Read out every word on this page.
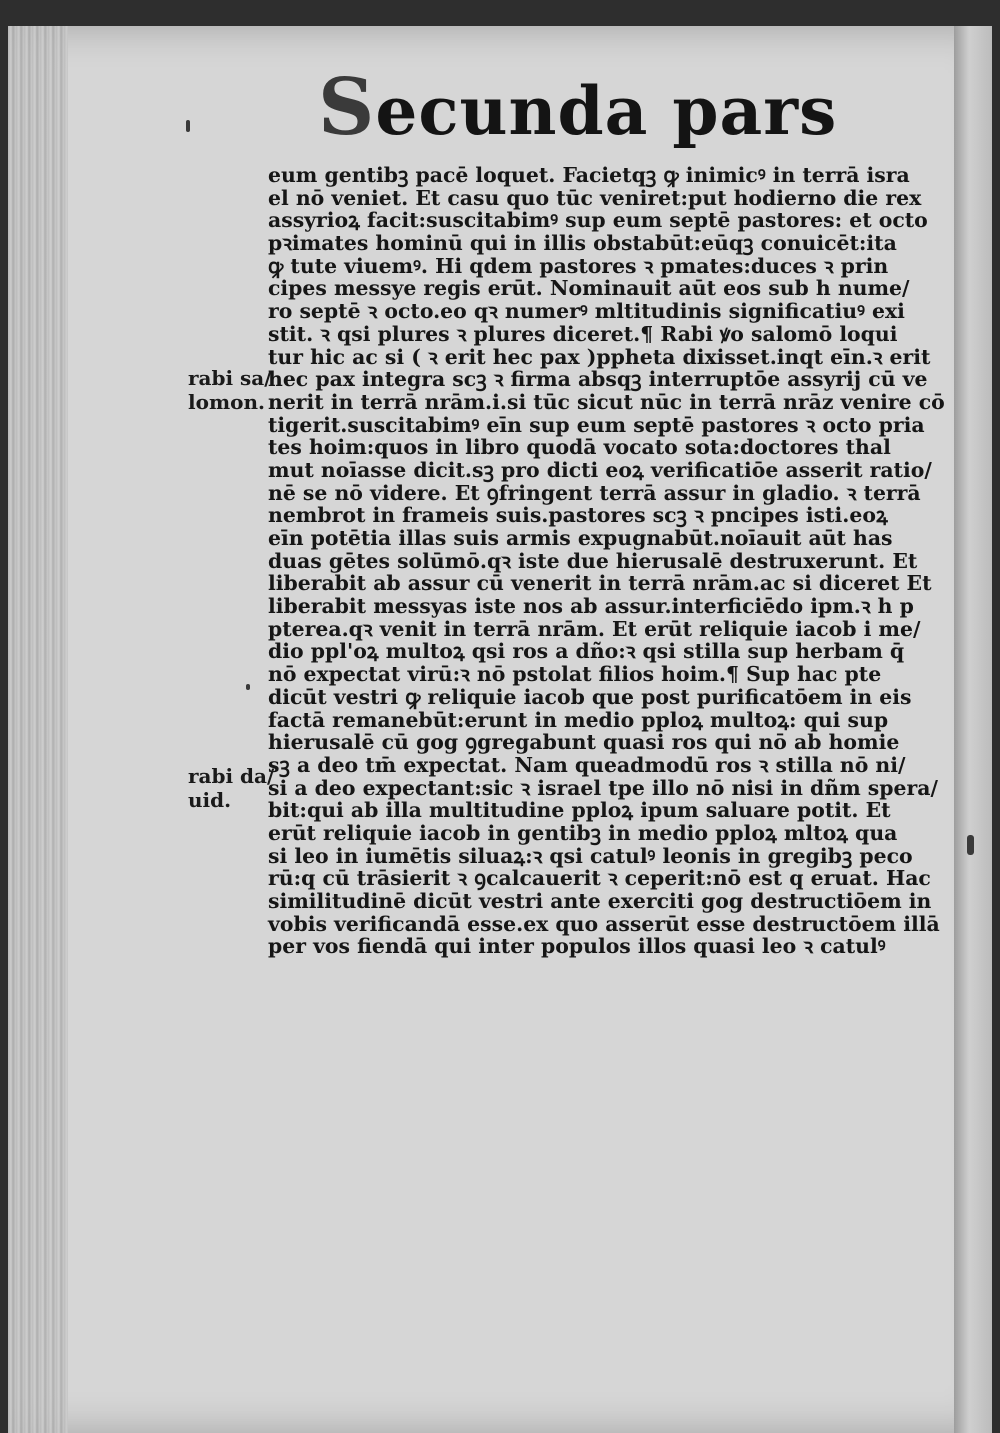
Secunda pars
eum gentibꝫ pacē loquet. Facietqꝫ ꝙ inimicꝰ in terrā isra
el nō veniet. Et casu quo tūc veniret:put hodierno die rex
assyrioꝝ facit:suscitabimꝰ sup eum septē pastores: et octo
pꝛimates hominū qui in illis obstabūt:eūqꝫ conuicēt:ita
ꝙ tute viuemꝰ. Hi qdem pastores ꝛ pmates:duces ꝛ prin
cipes messye regis erūt. Nominauit aūt eos sub h nume/
ro septē ꝛ octo.eo qꝛ numerꝰ mltitudinis significatiuꝰ exi
stit. ꝛ qsi plures ꝛ plures diceret.¶ Rabi ꝟo salomō loqui
tur hic ac si ( ꝛ erit hec pax )ppheta dixisset.inqt eīn.ꝛ erit
hec pax integra scꝫ ꝛ firma absqꝫ interruptōe assyrij cū ve
nerit in terrā nrām.i.si tūc sicut nūc in terrā nrāz venire cō
tigerit.suscitabimꝰ eīn sup eum septē pastores ꝛ octo pria
tes hoim:quos in libro quodā vocato sota:doctores thal
mut noīasse dicit.sꝫ pro dicti eoꝝ verificatiōe asserit ratio/
nē se nō videre. Et ꝯfringent terrā assur in gladio. ꝛ terrā
nembrot in frameis suis.pastores scꝫ ꝛ pncipes isti.eoꝝ
eīn potētia illas suis armis expugnabūt.noīauit aūt has
duas gētes solūmō.qꝛ iste due hierusalē destruxerunt. Et
liberabit ab assur cū venerit in terrā nrām.ac si diceret Et
liberabit messyas iste nos ab assur.interficiēdo ipm.ꝛ h p
pterea.qꝛ venit in terrā nrām. Et erūt reliquie iacob i me/
dio ppl'oꝝ multoꝝ qsi ros a dño:ꝛ qsi stilla sup herbam q̄
nō expectat virū:ꝛ nō pstolat filios hoim.¶ Sup hac pte
dicūt vestri ꝙ reliquie iacob que post purificatōem in eis
factā remanebūt:erunt in medio pploꝝ multoꝝ: qui sup
hierusalē cū gog ꝯgregabunt quasi ros qui nō ab homie
sꝫ a deo tm̄ expectat. Nam queadmodū ros ꝛ stilla nō ni/
si a deo expectant:sic ꝛ israel tpe illo nō nisi in dñm spera/
bit:qui ab illa multitudine pploꝝ ipum saluare potit. Et
erūt reliquie iacob in gentibꝫ in medio pploꝝ mltoꝝ qua
si leo in iumētis siluaꝝ:ꝛ qsi catulꝰ leonis in gregibꝫ peco
rū:q cū trāsierit ꝛ ꝯcalcauerit ꝛ ceperit:nō est q eruat. Hac
similitudinē dicūt vestri ante exerciti gog destructiōem in
vobis verificandā esse.ex quo asserūt esse destructōem illā
per vos fiendā qui inter populos illos quasi leo ꝛ catulꝰ
rabi sa/
lomon.
rabi da/
uid.
